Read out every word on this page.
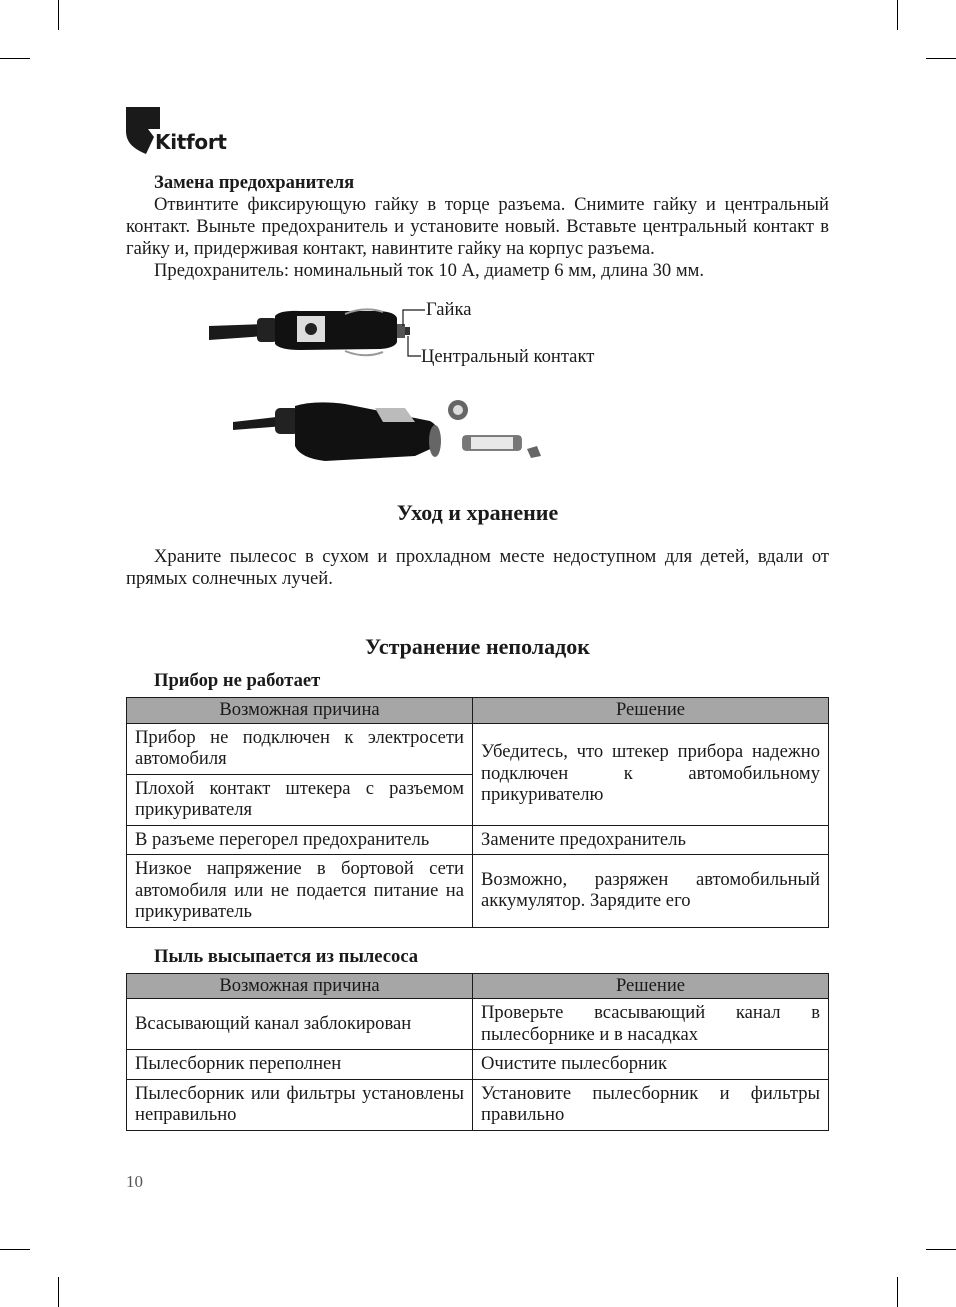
Kitfort

Замена предохранителя

Отвинтите фиксирующую гайку в торце разъема. Снимите гайку и центральный контакт. Выньте предохранитель и установите новый. Вставьте центральный контакт в гайку и, придерживая контакт, навинтите гайку на корпус разъема.

Предохранитель: номинальный ток 10 А, диаметр 6 мм, длина 30 мм.

Гайка
Центральный контакт
Уход и хранение

Храните пылесос в сухом и прохладном месте недоступном для детей, вдали от прямых солнечных лучей.

Устранение неполадок

Прибор не работает

Возможная причина	Решение
Прибор не подключен к электросети автомобиля	Убедитесь, что штекер прибора надежно подключен к автомобильному прикуривателю
Плохой контакт штекера с разъемом прикуривателя	
В разъеме перегорел предохранитель	Замените предохранитель
Низкое напряжение в бортовой сети автомобиля или не подается питание на прикуриватель	Возможно, разряжен автомобильный аккумулятор. Зарядите его

Пыль высыпается из пылесоса

Возможная причина	Решение
Всасывающий канал заблокирован	Проверьте всасывающий канал в пылесборнике и в насадках
Пылесборник переполнен	Очистите пылесборник
Пылесборник или фильтры установлены неправильно	Установите пылесборник и фильтры правильно
10
